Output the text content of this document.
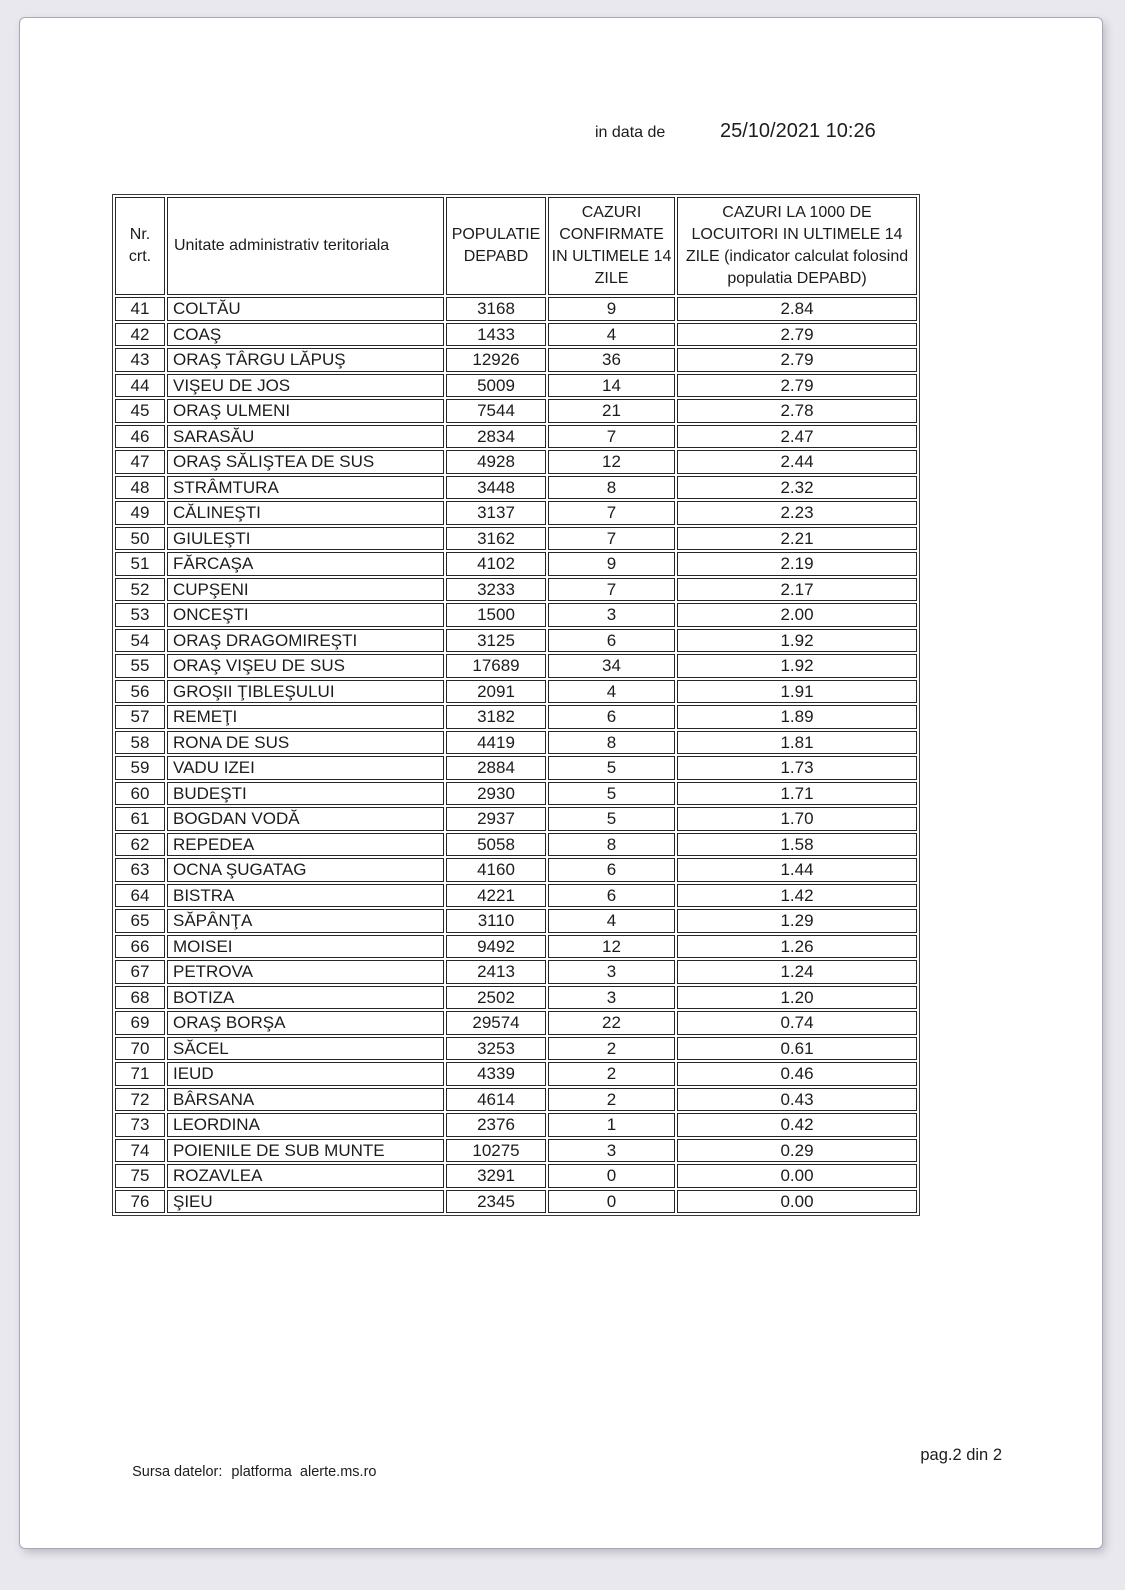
in data de	25/10/2021 10:26
Nr. crt.	Unitate administrativ teritoriala	POPULATIE DEPABD	CAZURI CONFIRMATE IN ULTIMELE 14 ZILE	CAZURI LA 1000 DE LOCUITORI IN ULTIMELE 14 ZILE (indicator calculat folosind populatia DEPABD)
41	COLTĂU	3168	9	2.84
42	COAŞ	1433	4	2.79
43	ORAŞ TÂRGU LĂPUŞ	12926	36	2.79
44	VIŞEU DE JOS	5009	14	2.79
45	ORAŞ ULMENI	7544	21	2.78
46	SARASĂU	2834	7	2.47
47	ORAŞ SĂLIŞTEA DE SUS	4928	12	2.44
48	STRÂMTURA	3448	8	2.32
49	CĂLINEŞTI	3137	7	2.23
50	GIULEŞTI	3162	7	2.21
51	FĂRCAŞA	4102	9	2.19
52	CUPŞENI	3233	7	2.17
53	ONCEŞTI	1500	3	2.00
54	ORAŞ DRAGOMIREŞTI	3125	6	1.92
55	ORAŞ VIŞEU DE SUS	17689	34	1.92
56	GROŞII ŢIBLEŞULUI	2091	4	1.91
57	REMEŢI	3182	6	1.89
58	RONA DE SUS	4419	8	1.81
59	VADU IZEI	2884	5	1.73
60	BUDEŞTI	2930	5	1.71
61	BOGDAN VODĂ	2937	5	1.70
62	REPEDEA	5058	8	1.58
63	OCNA ŞUGATAG	4160	6	1.44
64	BISTRA	4221	6	1.42
65	SĂPÂNŢA	3110	4	1.29
66	MOISEI	9492	12	1.26
67	PETROVA	2413	3	1.24
68	BOTIZA	2502	3	1.20
69	ORAŞ BORŞA	29574	22	0.74
70	SĂCEL	3253	2	0.61
71	IEUD	4339	2	0.46
72	BÂRSANA	4614	2	0.43
73	LEORDINA	2376	1	0.42
74	POIENILE DE SUB MUNTE	10275	3	0.29
75	ROZAVLEA	3291	0	0.00
76	ŞIEU	2345	0	0.00

Sursa datelor: platforma  alerte.ms.ro

pag.2 din 2
